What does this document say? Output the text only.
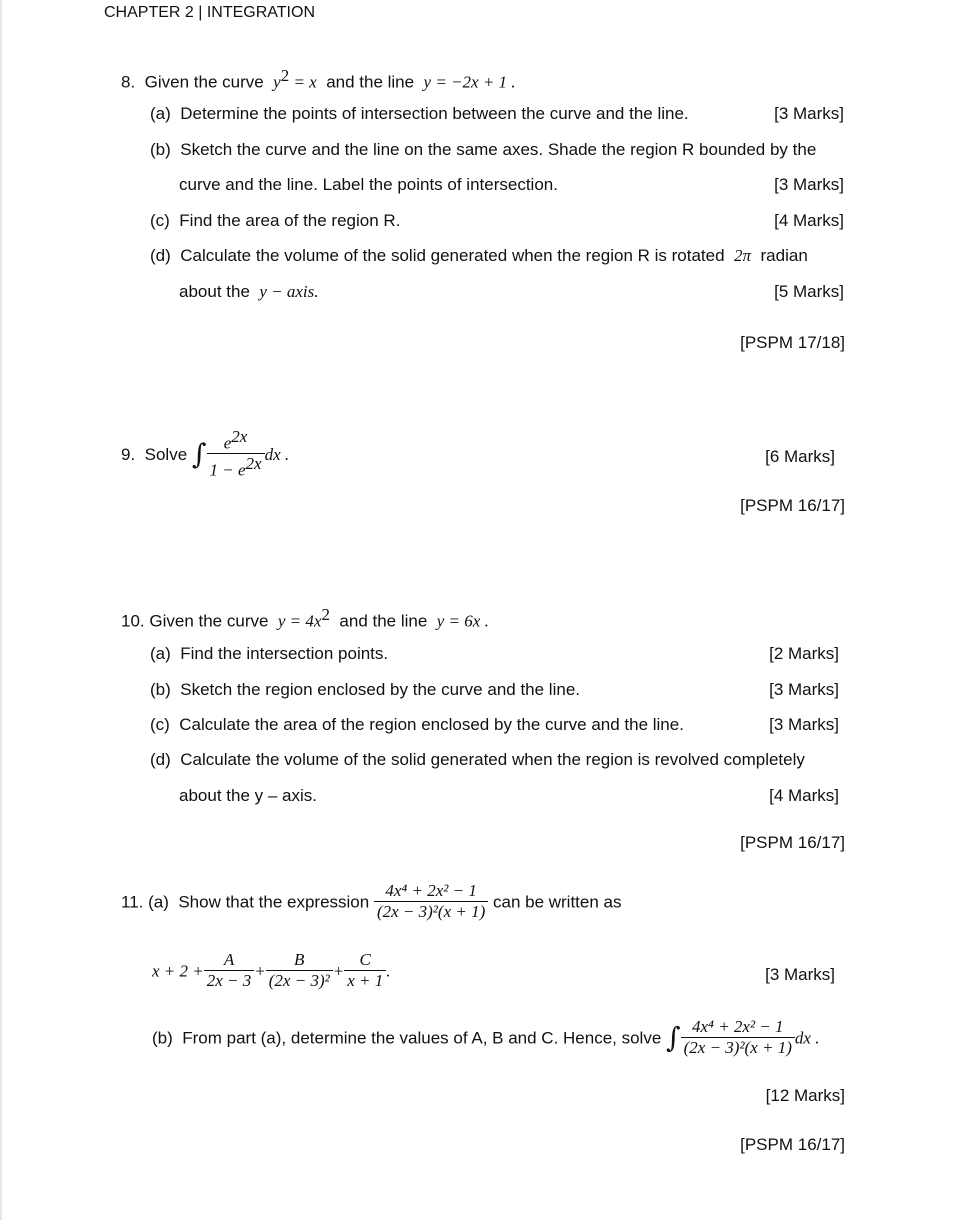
CHAPTER 2 | INTEGRATION
8. Given the curve $y^2 = x$ and the line y = −2x + 1 .
(a) Determine the points of intersection between the curve and the line.	[3 Marks]
(b) Sketch the curve and the line on the same axes. Shade the region R bounded by the
curve and the line. Label the points of intersection.	[3 Marks]
(c) Find the area of the region R.	[4 Marks]
(d) Calculate the volume of the solid generated when the region R is rotated 2π radian
about the y − axis.	[5 Marks]
[PSPM 17/18]
9. Solve ∫ $\frac{e^{2x}}{1 - e^{2x}}$ dx .	[6 Marks]
[PSPM 16/17]
10. Given the curve $y = 4x^2$ and the line y = 6x .
(a) Find the intersection points.	[2 Marks]
(b) Sketch the region enclosed by the curve and the line.	[3 Marks]
(c) Calculate the area of the region enclosed by the curve and the line.	[3 Marks]
(d) Calculate the volume of the solid generated when the region is revolved completely
about the y – axis.	[4 Marks]
[PSPM 16/17]
11. (a) Show that the expression $\frac{\text{4x⁴ + 2x² − 1}}{\text{(2x − 3)²(x + 1)}}$ can be written as
$x + 2 + \frac{A}{2x - 3} + \frac{B}{\text{(2x − 3)²}} + \frac{C}{x + 1}$ .	[3 Marks]
(b) From part (a), determine the values of A, B and C. Hence, solve ∫ $\frac{\text{4x⁴ + 2x² − 1}}{\text{(2x − 3)²(x + 1)}}$ dx .
[12 Marks]
[PSPM 16/17]
